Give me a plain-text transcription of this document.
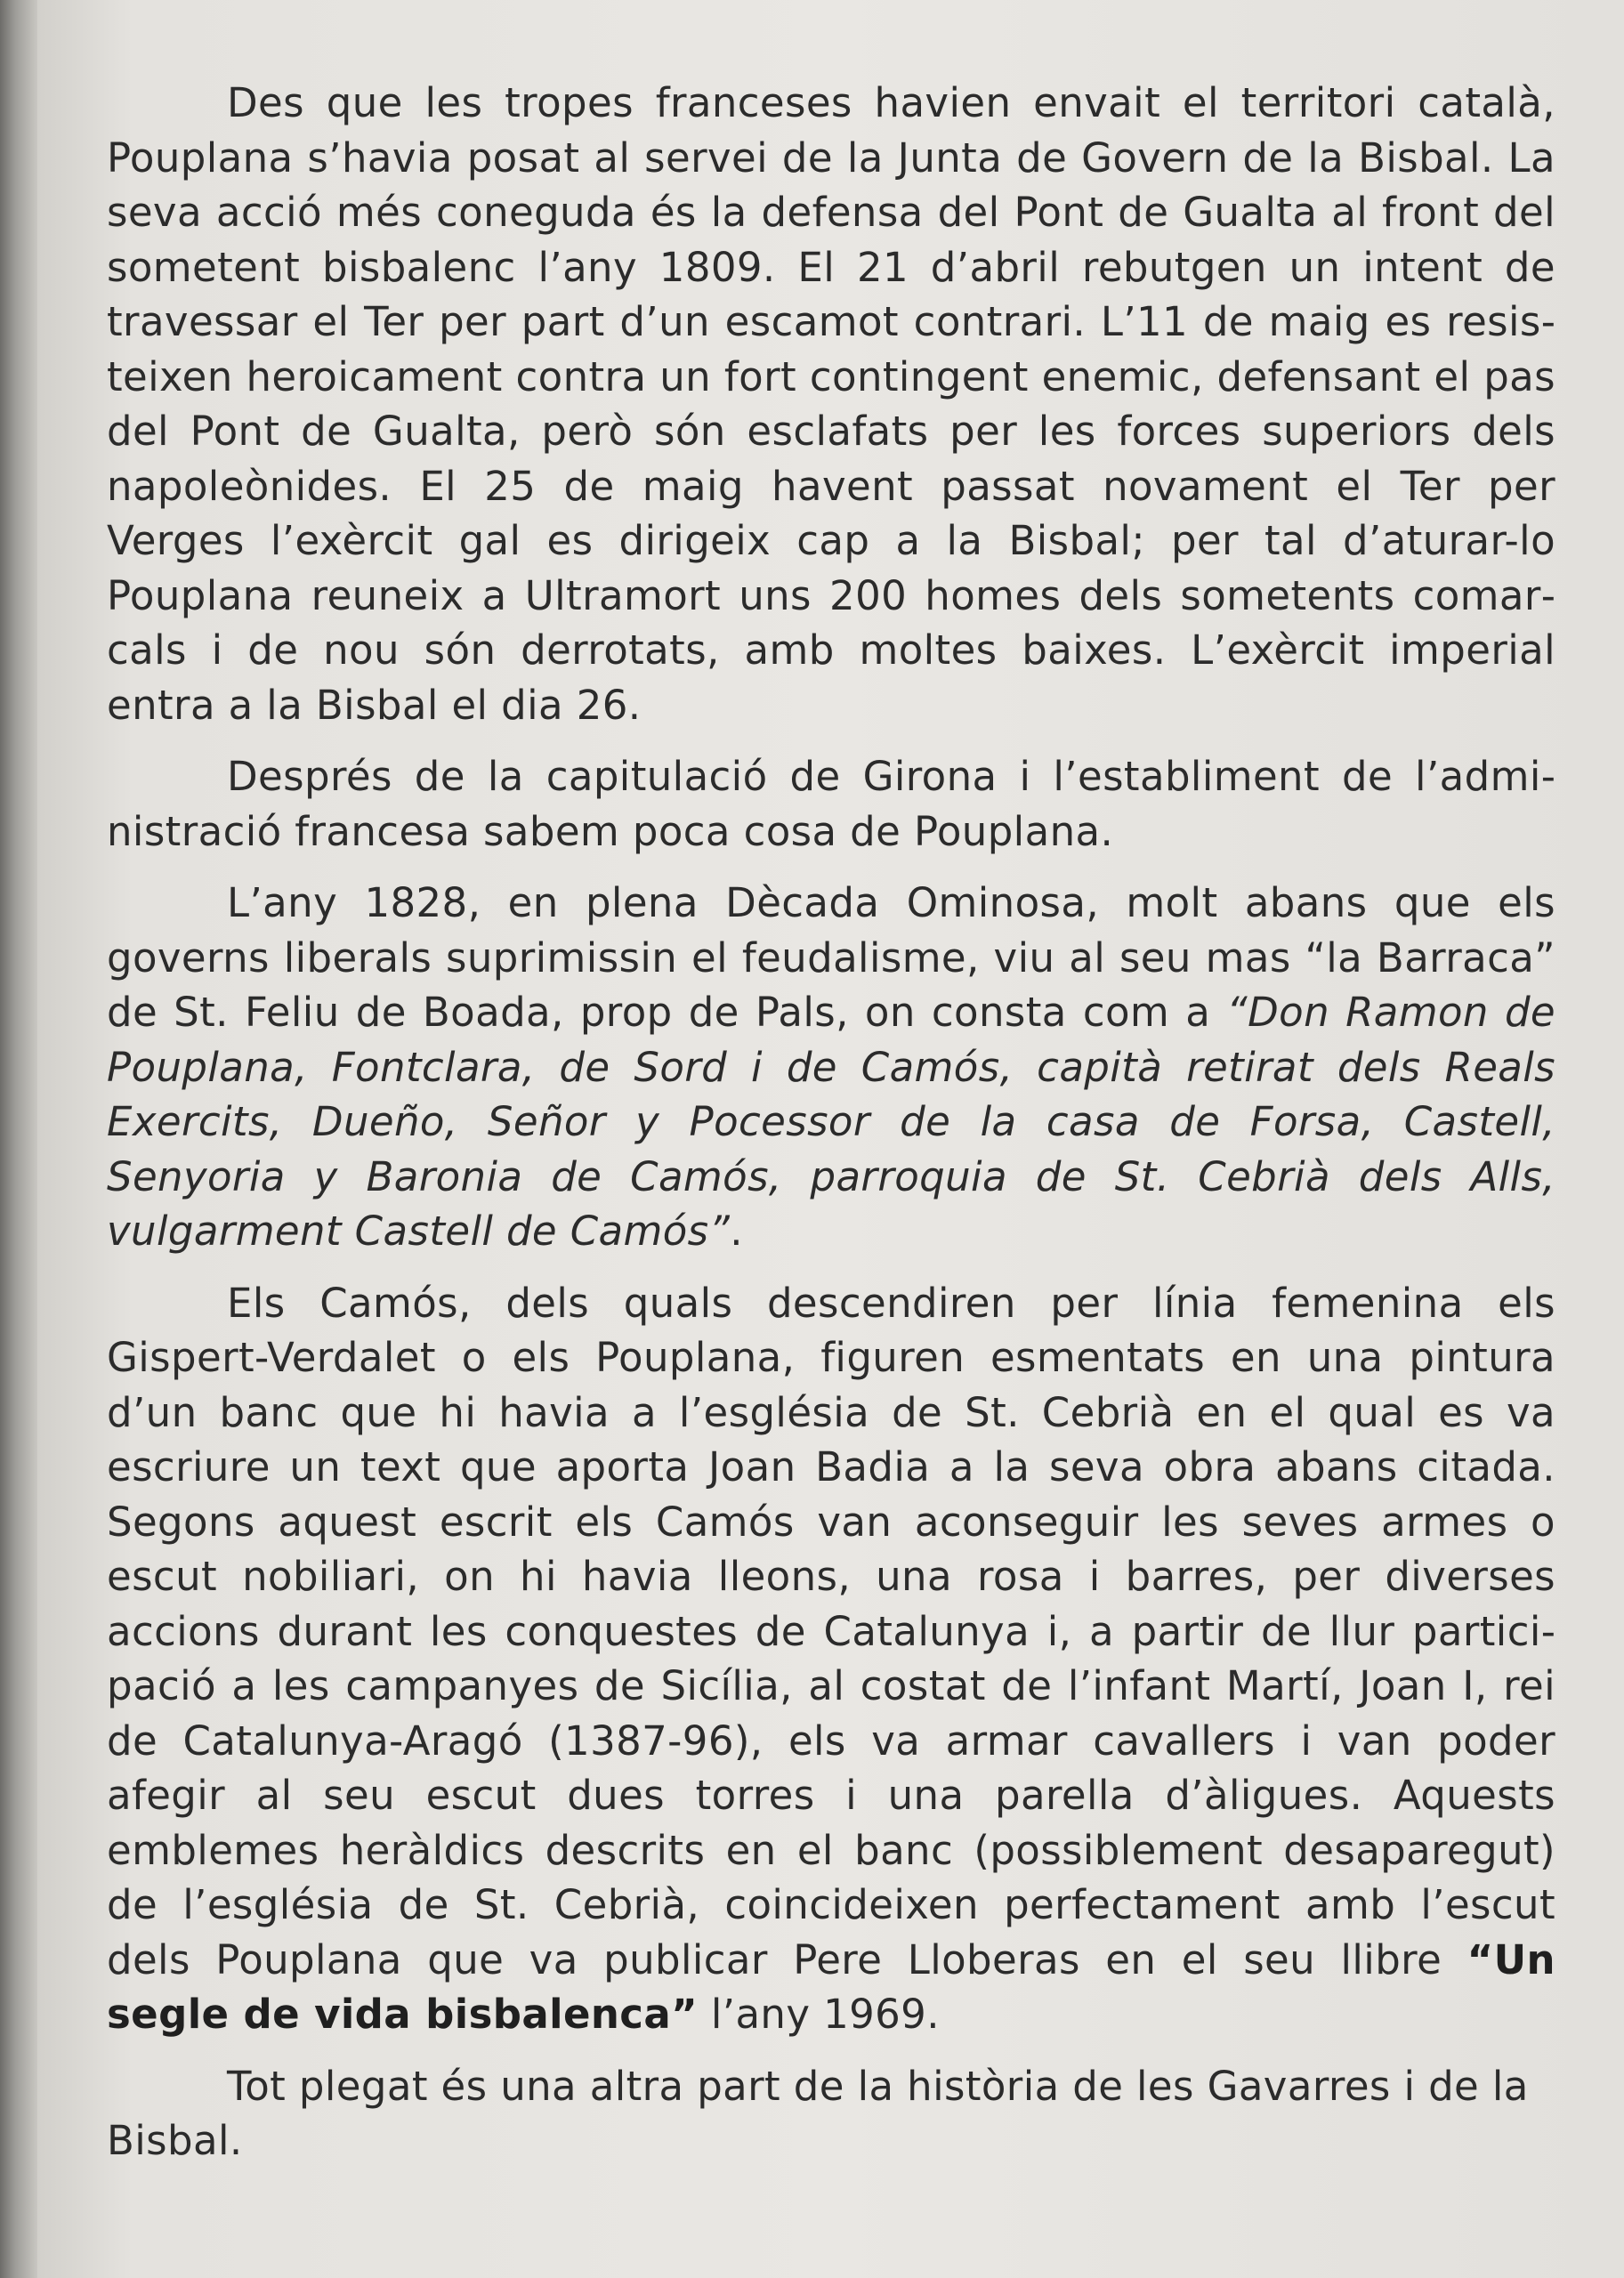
Des que les tropes franceses havien envait el territori català, Pouplana s’havia posat al servei de la Junta de Govern de la Bisbal. La seva acció més coneguda és la defensa del Pont de Gualta al front del sometent bisbalenc l’any 1809. El 21 d’abril rebutgen un intent de travessar el Ter per part d’un escamot contrari. L’11 de maig es resisteixen heroicament contra un fort contingent enemic, defensant el pas del Pont de Gualta, però són esclafats per les forces superiors dels napoleònides. El 25 de maig havent passat novament el Ter per Verges l’exèrcit gal es dirigeix cap a la Bisbal; per tal d’aturar-lo Pouplana reuneix a Ultramort uns 200 homes dels sometents comarcals i de nou són derrotats, amb moltes baixes. L’exèrcit imperial entra a la Bisbal el dia 26.

Després de la capitulació de Girona i l’establiment de l’administració francesa sabem poca cosa de Pouplana.

L’any 1828, en plena Dècada Ominosa, molt abans que els governs liberals suprimissin el feudalisme, viu al seu mas “la Barraca” de St. Feliu de Boada, prop de Pals, on consta com a “Don Ramon de Pouplana, Fontclara, de Sord i de Camós, capità retirat dels Reals Exercits, Dueño, Señor y Pocessor de la casa de Forsa, Castell, Senyoria y Baronia de Camós, parroquia de St. Cebrià dels Alls, vulgarment Castell de Camós”.

Els Camós, dels quals descendiren per línia femenina els Gispert-Verdalet o els Pouplana, figuren esmentats en una pintura d’un banc que hi havia a l’església de St. Cebrià en el qual es va escriure un text que aporta Joan Badia a la seva obra abans citada. Segons aquest escrit els Camós van aconseguir les seves armes o escut nobiliari, on hi havia lleons, una rosa i barres, per diverses accions durant les conquestes de Catalunya i, a partir de llur participació a les campanyes de Sicília, al costat de l’infant Martí, Joan I, rei de Catalunya-Aragó (1387-96), els va armar cavallers i van poder afegir al seu escut dues torres i una parella d’àligues. Aquests emblemes heràldics descrits en el banc (possiblement desaparegut) de l’església de St. Cebrià, coincideixen perfectament amb l’escut dels Pouplana que va publicar Pere Lloberas en el seu llibre “Un segle de vida bisbalenca” l’any 1969.

Tot plegat és una altra part de la història de les Gavarres i de la Bisbal.
